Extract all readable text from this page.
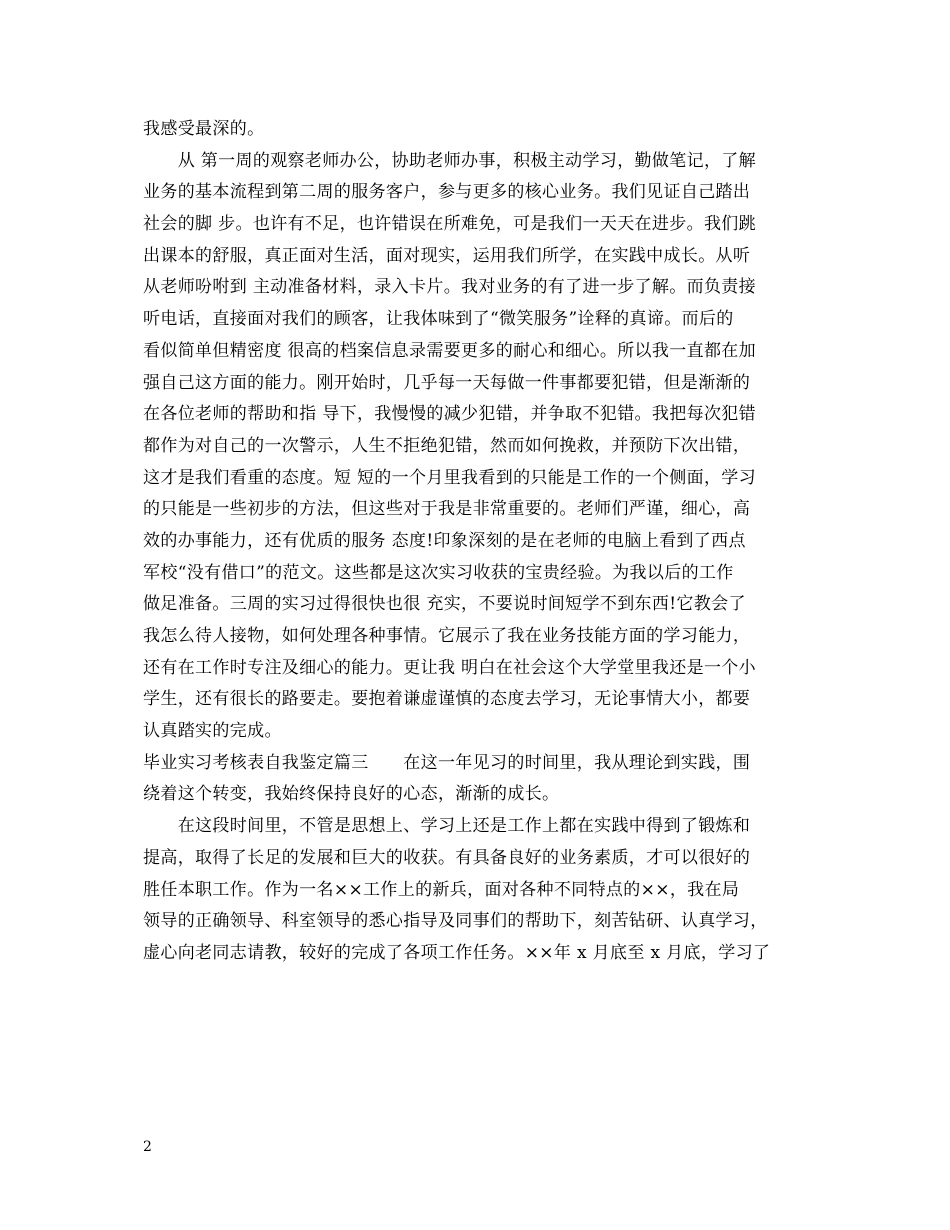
我感受最深的。
　　从 第一周的观察老师办公，协助老师办事，积极主动学习，勤做笔记，了解
业务的基本流程到第二周的服务客户，参与更多的核心业务。我们见证自己踏出
社会的脚 步。也许有不足，也许错误在所难免，可是我们一天天在进步。我们跳
出课本的舒服，真正面对生活，面对现实，运用我们所学，在实践中成长。从听
从老师吩咐到 主动准备材料，录入卡片。我对业务的有了进一步了解。而负责接
听电话，直接面对我们的顾客，让我体味到了“微笑服务”诠释的真谛。而后的
看似简单但精密度 很高的档案信息录需要更多的耐心和细心。所以我一直都在加
强自己这方面的能力。刚开始时，几乎每一天每做一件事都要犯错，但是渐渐的
在各位老师的帮助和指 导下，我慢慢的减少犯错，并争取不犯错。我把每次犯错
都作为对自己的一次警示，人生不拒绝犯错，然而如何挽救，并预防下次出错，
这才是我们看重的态度。短 短的一个月里我看到的只能是工作的一个侧面，学习
的只能是一些初步的方法，但这些对于我是非常重要的。老师们严谨，细心，高
效的办事能力，还有优质的服务 态度!印象深刻的是在老师的电脑上看到了西点
军校“没有借口”的范文。这些都是这次实习收获的宝贵经验。为我以后的工作
做足准备。三周的实习过得很快也很 充实，不要说时间短学不到东西!它教会了
我怎么待人接物，如何处理各种事情。它展示了我在业务技能方面的学习能力，
还有在工作时专注及细心的能力。更让我 明白在社会这个大学堂里我还是一个小
学生，还有很长的路要走。要抱着谦虚谨慎的态度去学习，无论事情大小，都要
认真踏实的完成。
毕业实习考核表自我鉴定篇三　　在这一年见习的时间里，我从理论到实践，围
绕着这个转变，我始终保持良好的心态，渐渐的成长。
　　在这段时间里，不管是思想上、学习上还是工作上都在实践中得到了锻炼和
提高，取得了长足的发展和巨大的收获。有具备良好的业务素质，才可以很好的
胜任本职工作。作为一名××工作上的新兵，面对各种不同特点的××，我在局
领导的正确领导、科室领导的悉心指导及同事们的帮助下，刻苦钻研、认真学习，
虚心向老同志请教，较好的完成了各项工作任务。××年 x 月底至 x 月底，学习了
2
